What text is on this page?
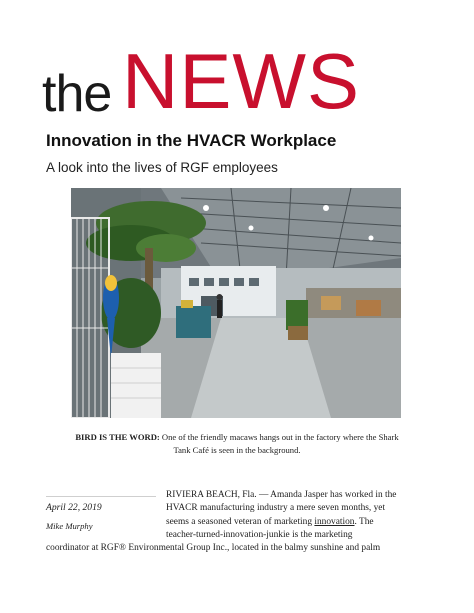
the NEWS
Innovation in the HVACR Workplace
A look into the lives of RGF employees
BIRD IS THE WORD: One of the friendly macaws hangs out in the factory where the Shark Tank Café is seen in the background.
April 22, 2019
Mike Murphy
RIVIERA BEACH, Fla. — Amanda Jasper has worked in the
HVACR manufacturing industry a mere seven months, yet
seems a seasoned veteran of marketing innovation. The
teacher-turned-innovation-junkie is the marketing
coordinator at RGF® Environmental Group Inc., located in the balmy sunshine and palm
